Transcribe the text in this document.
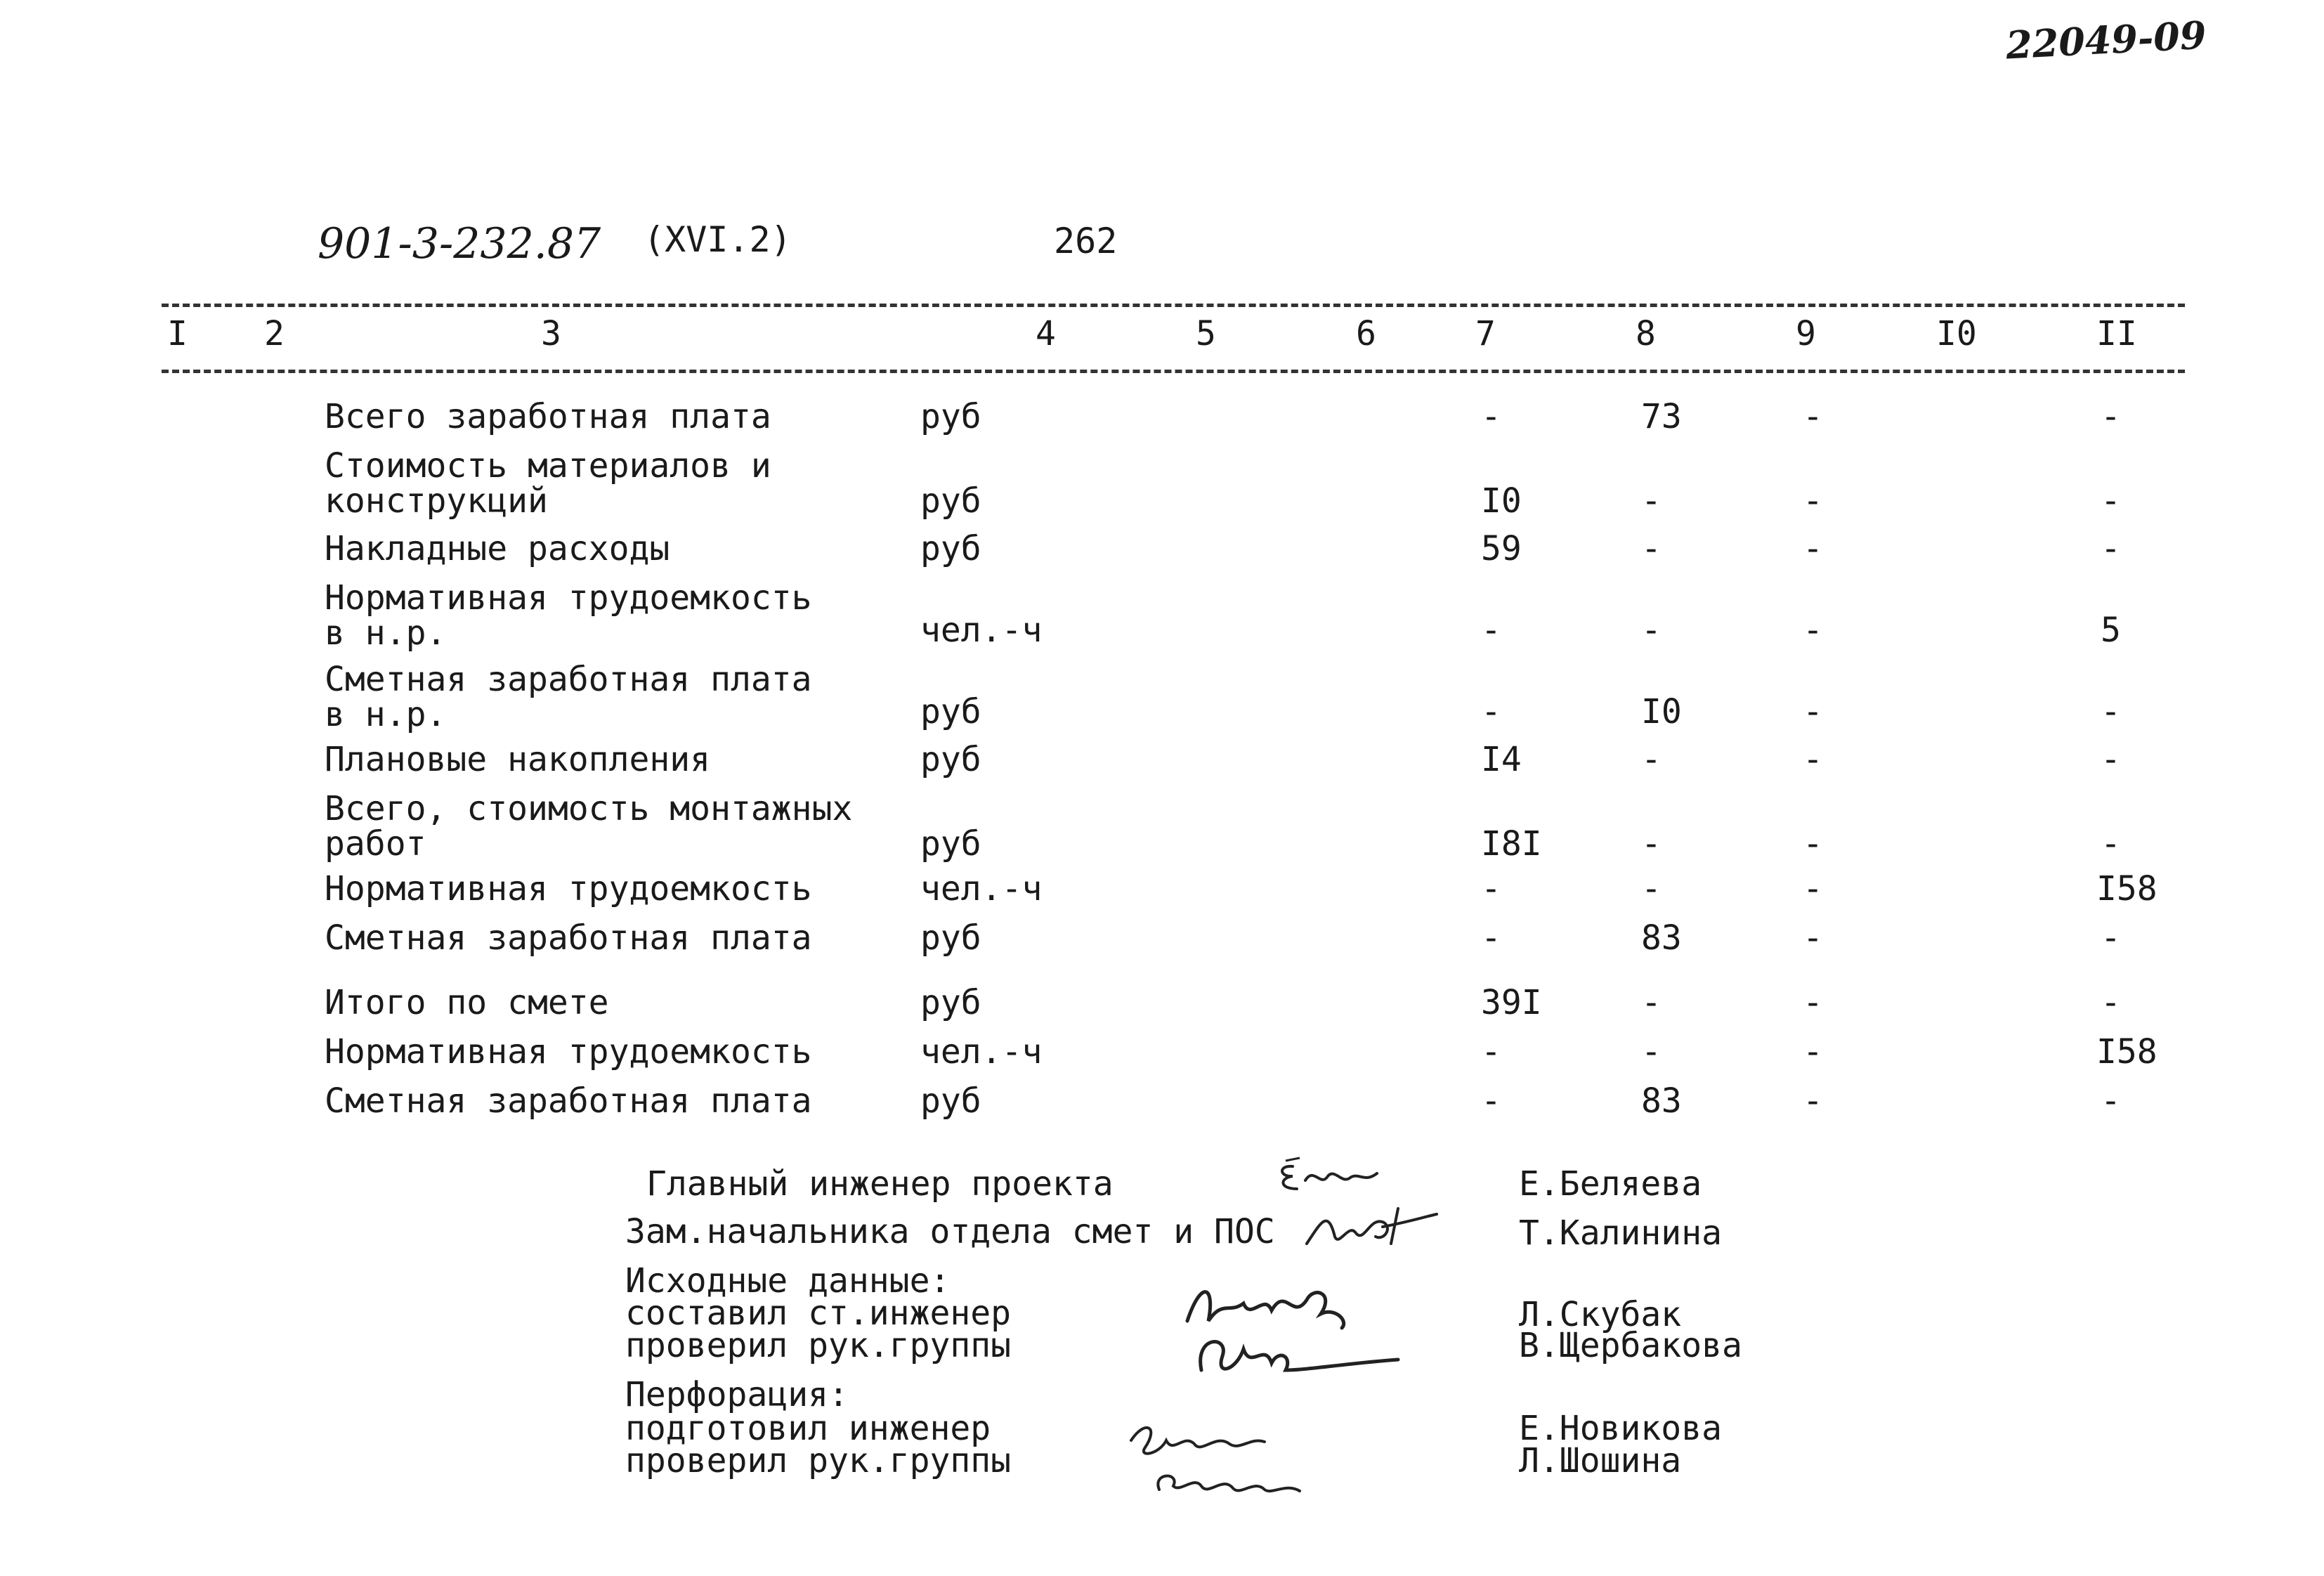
22049-09
901-3-232.87 (XVI.2)	262
I 2	3	4	5	6	7	8	9	I0	II
Всего заработная плата	руб	-	73	-	-
Стоимость материалов и
конструкций	руб	I0	-	-	-
Накладные расходы	руб	59	-	-	-
Нормативная трудоемкость
в н.р.	чел.-ч	-	-	-	5
Сметная заработная плата
в н.р.	руб	-	I0	-	-
Плановые накопления	руб	I4	-	-	-
Всего, стоимость монтажных
работ	руб	I8I	-	-	-
Нормативная трудоемкость	чел.-ч	-	-	-	I58
Сметная заработная плата	руб	-	83	-	-
Итого по смете	руб	39I	-	-	-
Нормативная трудоемкость	чел.-ч	-	-	-	I58
Сметная заработная плата	руб	-	83	-	-
Главный инженер проекта	Е.Беляева
Зам.начальника отдела смет и ПОС	Т.Калинина
Исходные данные:
составил ст.инженер	Л.Скубак
проверил рук.группы	В.Щербакова
Перфорация:
подготовил инженер	Е.Новикова
проверил рук.группы	Л.Шошина
